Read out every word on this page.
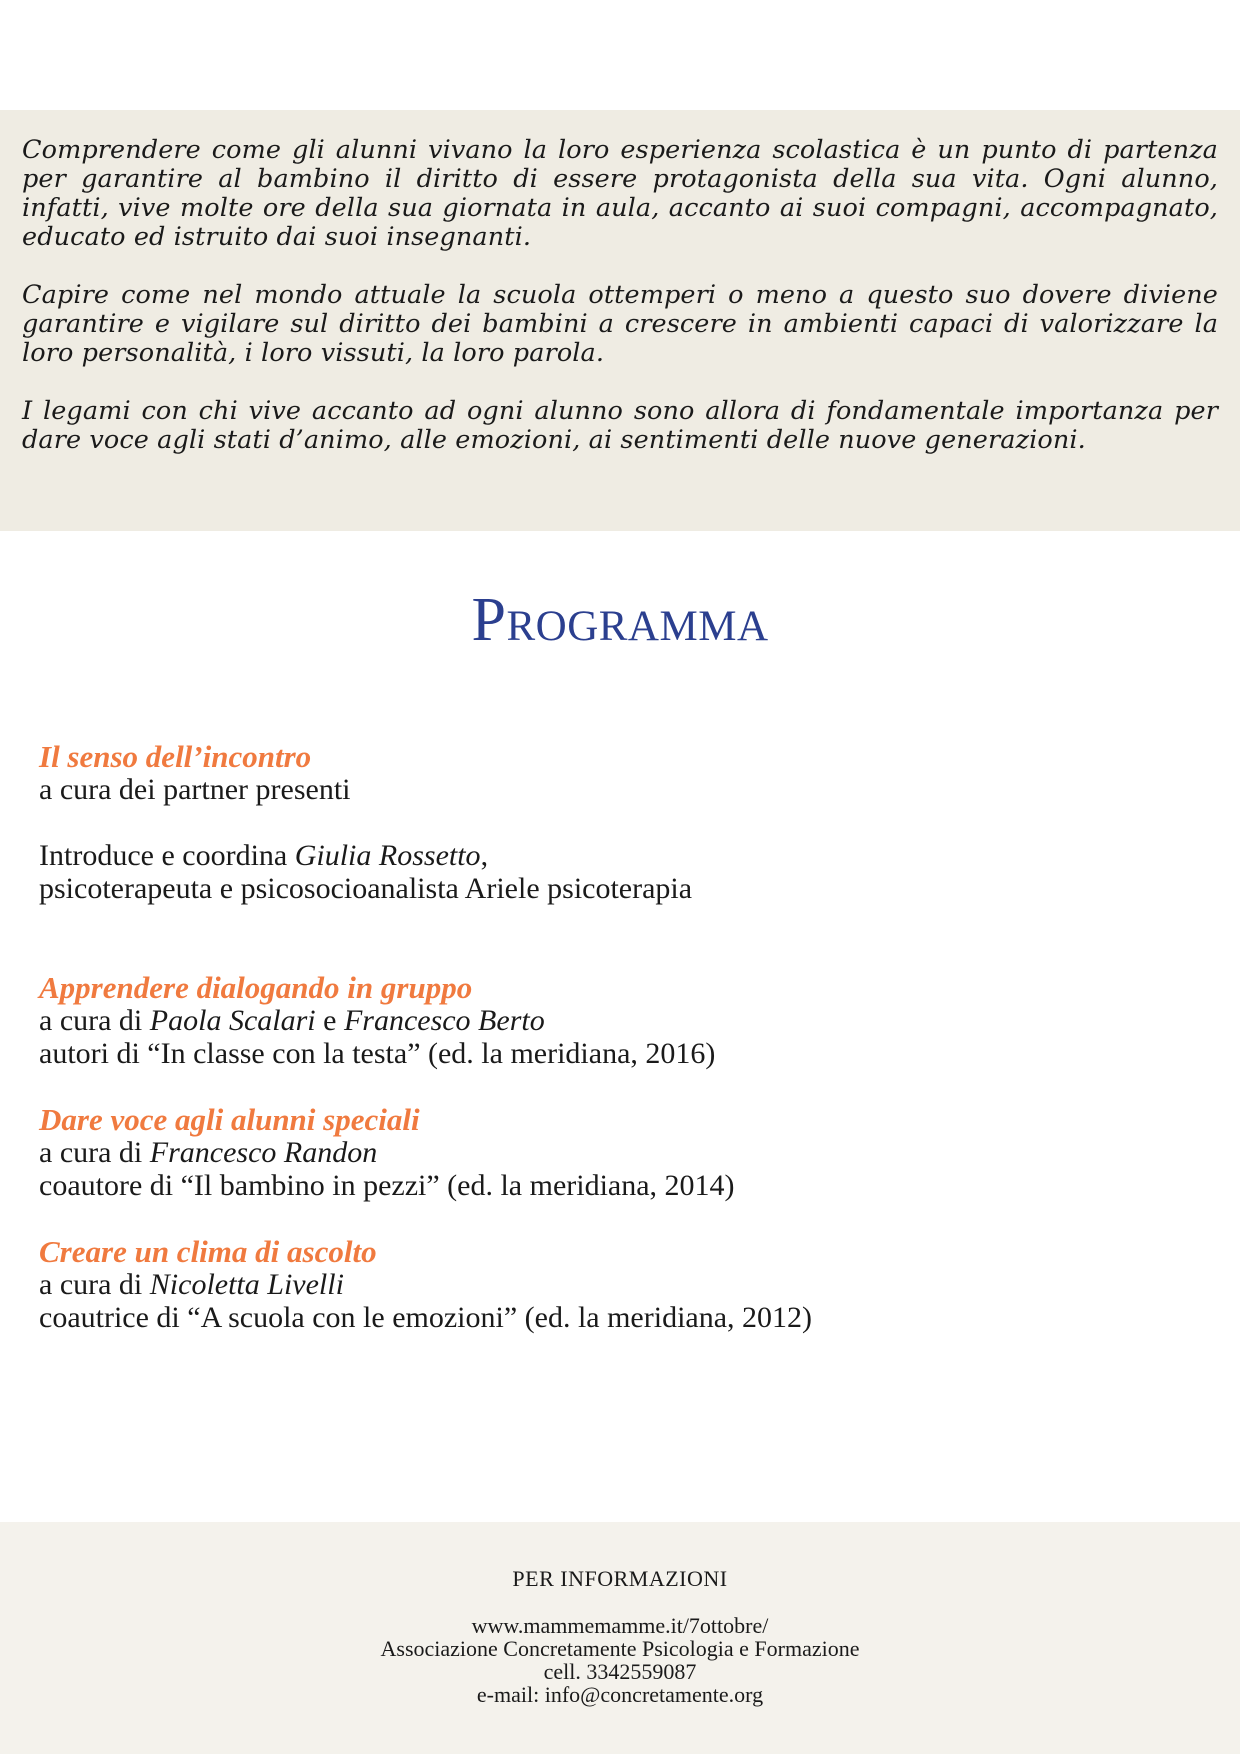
Comprendere come gli alunni vivano la loro esperienza scolastica è un punto di partenza per garantire al bambino il diritto di essere protagonista della sua vita. Ogni alunno, infatti, vive molte ore della sua giornata in aula, accanto ai suoi compagni, accompagnato, educato ed istruito dai suoi insegnanti.

Capire come nel mondo attuale la scuola ottemperi o meno a questo suo dovere diviene garantire e vigilare sul diritto dei bambini a crescere in ambienti capaci di valorizzare la loro personalità, i loro vissuti, la loro parola.

I legami con chi vive accanto ad ogni alunno sono allora di fondamentale importanza per dare voce agli stati d’animo, alle emozioni, ai sentimenti delle nuove generazioni.

Programma
Il senso dell’incontro
a cura dei partner presenti
Introduce e coordina Giulia Rossetto,
psicoterapeuta e psicosocioanalista Ariele psicoterapia
Apprendere dialogando in gruppo
a cura di Paola Scalari e Francesco Berto
autori di “In classe con la testa” (ed. la meridiana, 2016)
Dare voce agli alunni speciali
a cura di Francesco Randon
coautore di “Il bambino in pezzi” (ed. la meridiana, 2014)
Creare un clima di ascolto
a cura di Nicoletta Livelli
coautrice di “A scuola con le emozioni” (ed. la meridiana, 2012)
PER INFORMAZIONI
www.mammemamme.it/7ottobre/
Associazione Concretamente Psicologia e Formazione
cell. 3342559087
e-mail: info@concretamente.org
